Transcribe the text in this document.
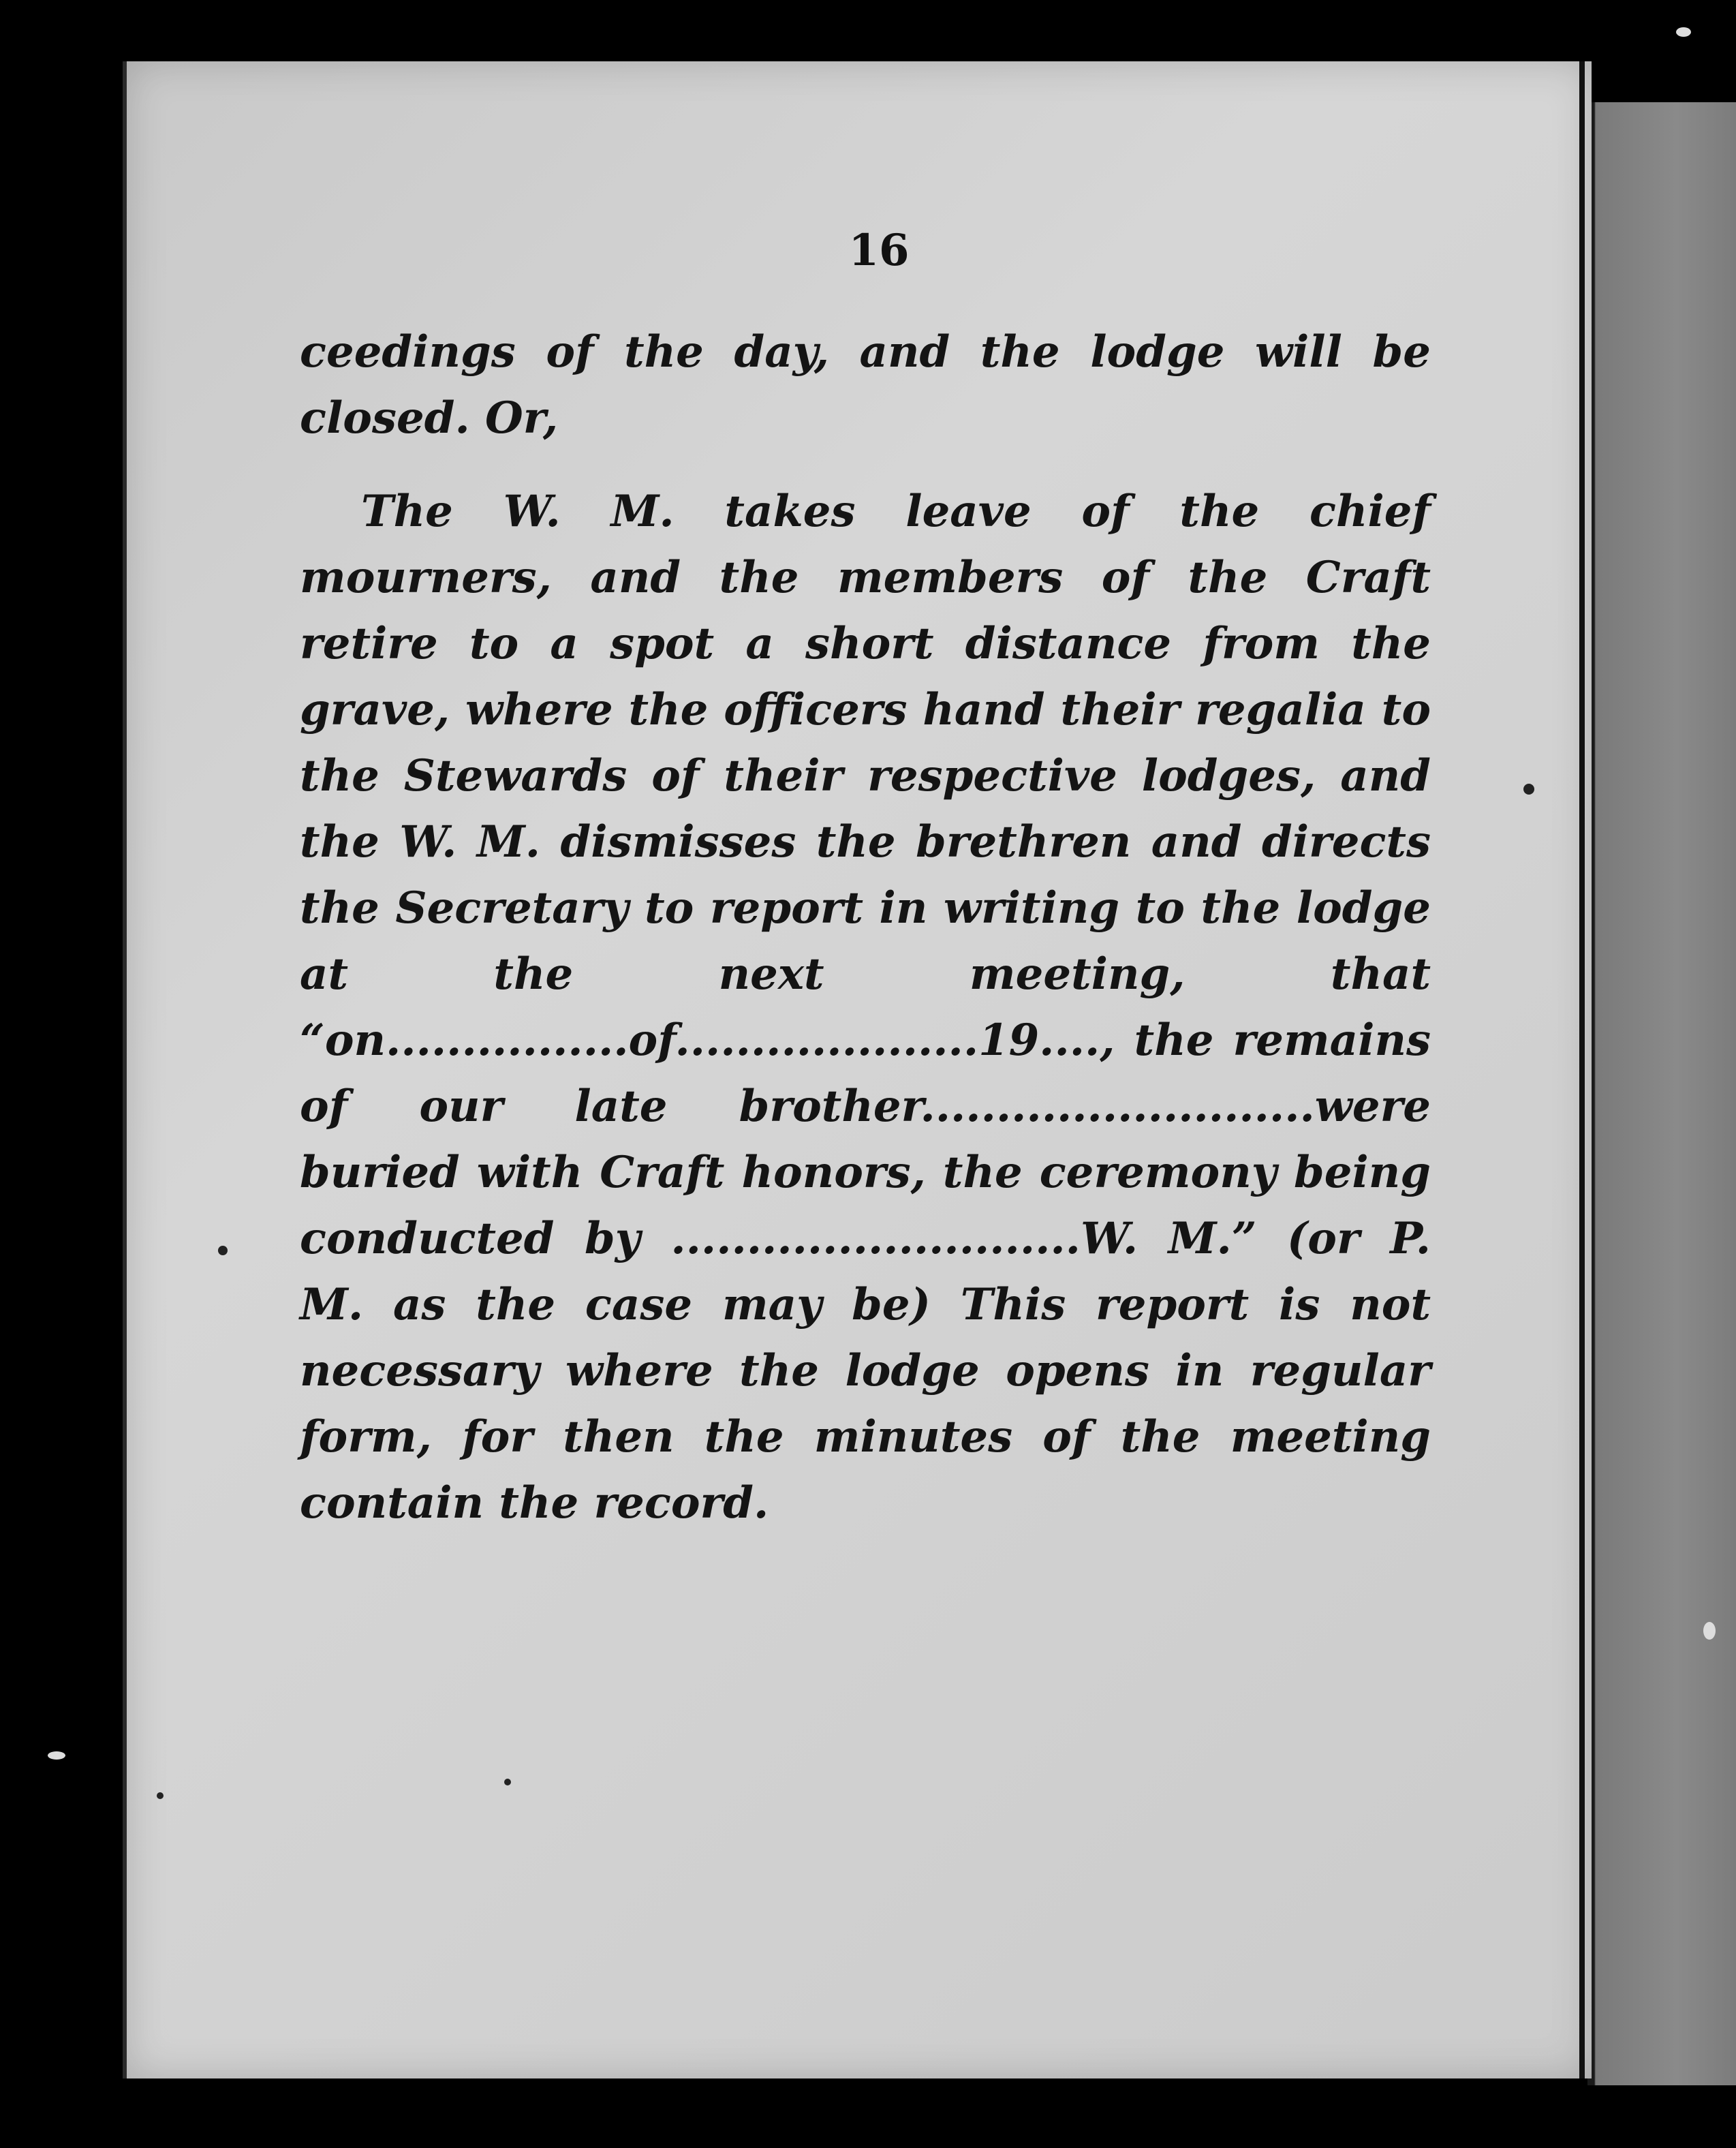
16

ceedings of the day, and the lodge will be closed. Or,

The W. M. takes leave of the chief mourners, and the members of the Craft retire to a spot a short distance from the grave, where the officers hand their regalia to the Stewards of their respective lodges, and the W. M. dismisses the brethren and directs the Secretary to report in writing to the lodge at the next meeting, that “on................of....................19...., the remains of our late brother..........................were buried with Craft honors, the ceremony being conducted by ...........................W. M.” (or P. M. as the case may be) This report is not necessary where the lodge opens in regular form, for then the minutes of the meeting contain the record.
